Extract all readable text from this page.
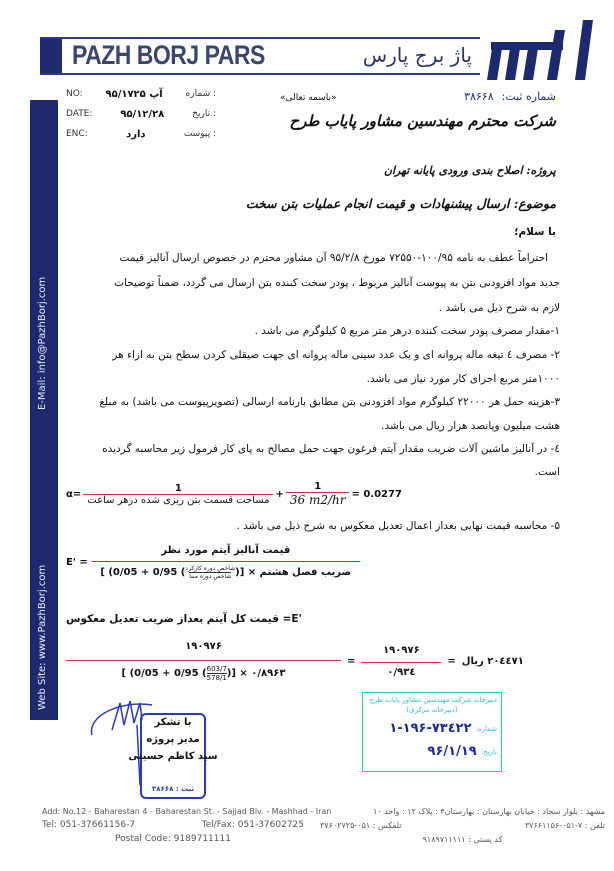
PAZH BORJ PARS	پاژ برج پارس
Web Site: www.PazhBorj.com
E-Mail: info@PazhBorj.com
NO: ۹۵/۱۷۲۵ آپ	شماره :
DATE:	۹۵/۱۲/۲۸	تاریخ :
ENC:	دارد	پیوست :
«باسمه تعالی»	شماره ثبت:
۳۸۶۶۸
شرکت محترم مهندسین مشاور پایاب طرح
پروژه: اصلاح بندی ورودی پایانه تهران
موضوع: ارسال پیشنهادات و قیمت انجام عملیات بتن سخت
با سلام؛
احتراماً عطف به نامه ۱۰۰/۹۵-۷۲۵۵۰ مورخ ۹۵/۲/۸ آن مشاور محترم در خصوص ارسال آنالیز قیمت
جدید مواد افزودنی بتن به پیوست آنالیز مربوط ، پودر سخت کننده بتن ارسال می گردد، ضمناً توضیحات
لازم به شرح ذیل می باشد .
۱-مقدار مصرف پودر سخت کننده درهر متر مربع ۵ کیلوگرم می باشد .
۲- مصرف ٤ تیغه ماله پروانه ای و یک عدد سینی ماله پروانه ای جهت صیقلی کردن سطح بتن به ازاء هر
۱۰۰۰متر مربع اجرای کار مورد نیاز می باشد.
۳-هزینه حمل هر ۲۲۰۰۰ کیلوگرم مواد افزودنی بتن مطابق بارنامه ارسالی (تصویرپیوست می باشد) به مبلغ
هشت میلیون وپانصد هزار ریال می باشد.
٤- در آنالیز ماشین آلات ضریب مقدار آیتم فرغون جهت حمل مصالح به پای کار فرمول زیر محاسبه گردیده
است.
$\alpha= \frac{1}{\text{مساحت قسمت بتن ریزی شده درهر ساعت}} + \frac{1}{36 m2/hr} = 0.0277$
۵- محاسبه قیمت نهایی بعداز اعمال تعدیل معکوس به شرح ذیل می باشد .
E' =
قیمت آنالیز آیتم مورد نظر
[ (0/05 + 0/95 ( $\frac{\text{شاخص دوره کارکرد}}{\text{شاخص دوره مبنا}}$ )] × ضریب فصل هشتم
قیمت کل آیتم بعداز ضریب تعدیل معکوس =E'
۱۹۰۹۷۶
[ (0/05 + 0/95 ( $\frac{603/7}{578/1}$ )] × ۰/۸۹۶۳
= $\frac{۱۹۰۹۷۶}{۰/۹۳٤}$ = ۲۰٤٤۷۱ ریال
ثبت : ۳۸۶۶۸
با تشکر
مدیر پروژه
سید کاظم حسینی
دبیرخانه شرکت مهندسین مشاور پایاب طرح
(دبیرخانه مرکزی)
شماره:
۱-۱۹۶-۷۳٤۲۲
تاریخ:
۹۶/۱/۱۹
Add: No.12 - Baharestan 4 - Baharestan St. - Sajjad Blv. - Mashhad - Iran
Tel: 051-37661156-7	Tel/Fax: 051-37602725
Postal Code: 9189711111
مشهد : بلوار سجاد : خیابان بهارستان : بهارستان۴ : پلاک ۱۲ : واحد ۱۰
تلفن : ۷-۰۵۱-۳۷۶۶۱۱۵۶
تلفکس : ۰۵۱-۳۷۶۰۲۷۲۵
کد پستی : ۹۱۸۹۷۱۱۱۱۱
